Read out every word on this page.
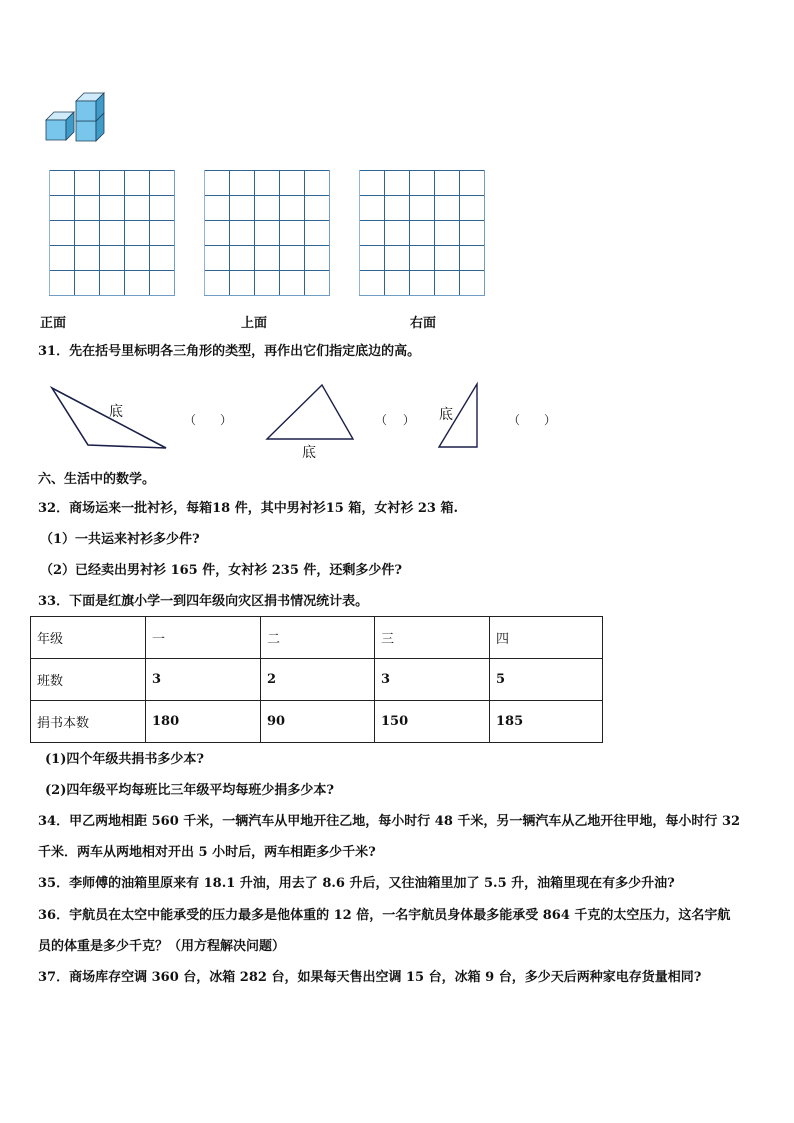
正面	上面	右面
31．先在括号里标明各三角形的类型，再作出它们指定底边的高。
底	（　　）
底
（　 ） 底	（　　）
六、生活中的数学。
32．商场运来一批衬衫，每箱18 件，其中男衬衫15 箱，女衬衫 23 箱.
（1）一共运来衬衫多少件?
（2）已经卖出男衬衫 165 件，女衬衫 235 件，还剩多少件?
33．下面是红旗小学一到四年级向灾区捐书情况统计表。
年级	一	二	三	四
班数	3	2	3	5
捐书本数	180	90	150	185
(1)四个年级共捐书多少本?
(2)四年级平均每班比三年级平均每班少捐多少本?
34．甲乙两地相距 560 千米，一辆汽车从甲地开往乙地，每小时行 48 千米，另一辆汽车从乙地开往甲地，每小时行 32
千米．两车从两地相对开出 5 小时后，两车相距多少千米?
35．李师傅的油箱里原来有 18.1 升油，用去了 8.6 升后，又往油箱里加了 5.5 升，油箱里现在有多少升油?
36．宇航员在太空中能承受的压力最多是他体重的 12 倍，一名宇航员身体最多能承受 864 千克的太空压力，这名宇航
员的体重是多少千克？（用方程解决问题）
37．商场库存空调 360 台，冰箱 282 台，如果每天售出空调 15 台，冰箱 9 台，多少天后两种家电存货量相同?
